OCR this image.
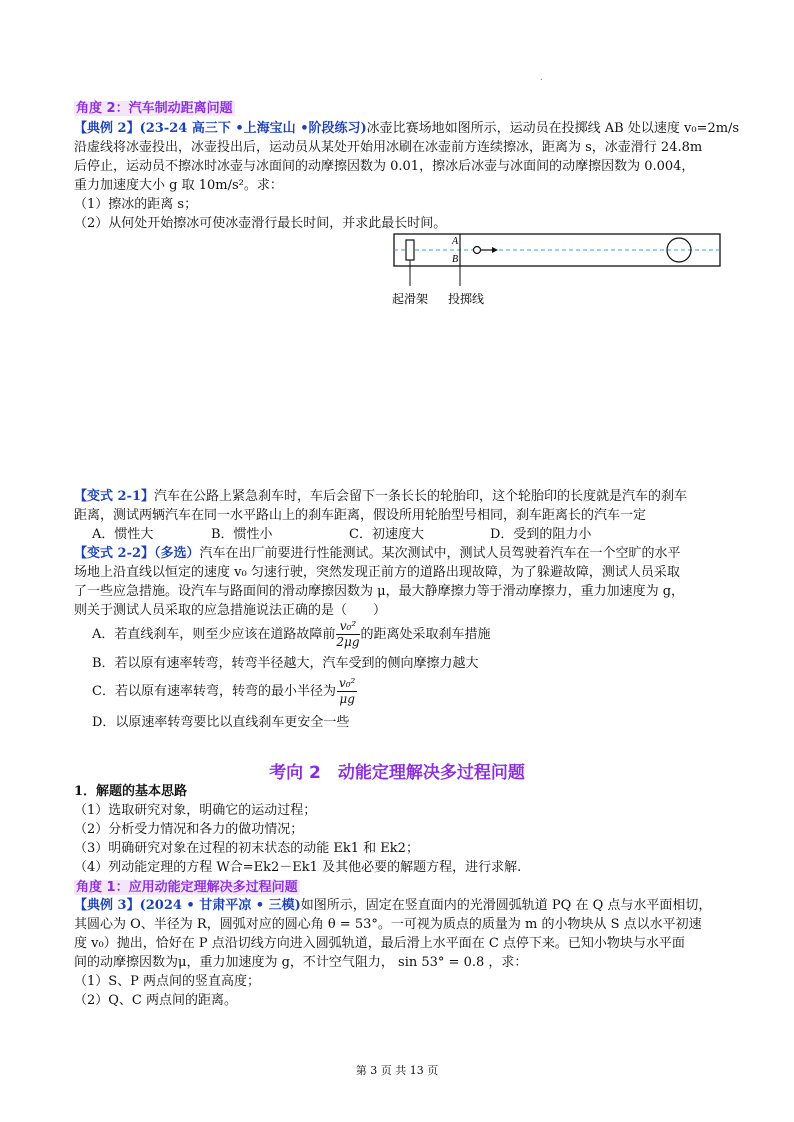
.
角度 2：汽车制动距离问题
【典例 2】(23-24 高三下 •上海宝山 •阶段练习)冰壶比赛场地如图所示，运动员在投掷线 AB 处以速度 v₀=2m/s
沿虚线将冰壶投出，冰壶投出后，运动员从某处开始用冰刷在冰壶前方连续擦冰，距离为 s，冰壶滑行 24.8m
后停止，运动员不擦冰时冰壶与冰面间的动摩擦因数为 0.01，擦冰后冰壶与冰面间的动摩擦因数为 0.004，
重力加速度大小 g 取 10m/s²。求：
（1）擦冰的距离 s；
（2）从何处开始擦冰可使冰壶滑行最长时间，并求此最长时间。
A
B
起滑架 投掷线
【变式 2-1】汽车在公路上紧急刹车时，车后会留下一条长长的轮胎印，这个轮胎印的长度就是汽车的刹车
距离，测试两辆汽车在同一水平路山上的刹车距离，假设所用轮胎型号相同，刹车距离长的汽车一定
A．惯性大	B．惯性小	C．初速度大	D．受到的阻力小
【变式 2-2】（多选）汽车在出厂前要进行性能测试。某次测试中，测试人员驾驶着汽车在一个空旷的水平
场地上沿直线以恒定的速度 v₀ 匀速行驶，突然发现正前方的道路出现故障，为了躲避故障，测试人员采取
了一些应急措施。设汽车与路面间的滑动摩擦因数为 μ，最大静摩擦力等于滑动摩擦力，重力加速度为 g，
则关于测试人员采取的应急措施说法正确的是（　　）
A．若直线刹车，则至少应该在道路故障前 $\frac{\text{v₀²}}{2\mu g}$ 的距离处采取刹车措施
B．若以原有速率转弯，转弯半径越大，汽车受到的侧向摩擦力越大
C．若以原有速率转弯，转弯的最小半径为 $\frac{\text{v₀²}}{\mu g}$
D．以原速率转弯要比以直线刹车更安全一些
考向 2　动能定理解决多过程问题
1．解题的基本思路
（1）选取研究对象，明确它的运动过程；
（2）分析受力情况和各力的做功情况；
（3）明确研究对象在过程的初末状态的动能 Ek1 和 Ek2；
（4）列动能定理的方程 W合=Ek2－Ek1 及其他必要的解题方程，进行求解.
角度 1：应用动能定理解决多过程问题
【典例 3】(2024 • 甘肃平凉 • 三模)如图所示，固定在竖直面内的光滑圆弧轨道 PQ 在 Q 点与水平面相切，
其圆心为 O、半径为 R，圆弧对应的圆心角 θ = 53°。一可视为质点的质量为 m 的小物块从 S 点以水平初速
度 v₀）抛出，恰好在 P 点沿切线方向进入圆弧轨道，最后滑上水平面在 C 点停下来。已知小物块与水平面
间的动摩擦因数为μ，重力加速度为 g，不计空气阻力， sin 53° = 0.8 ，求：
（1）S、P 两点间的竖直高度；
（2）Q、C 两点间的距离。
第 3 页 共 13 页
